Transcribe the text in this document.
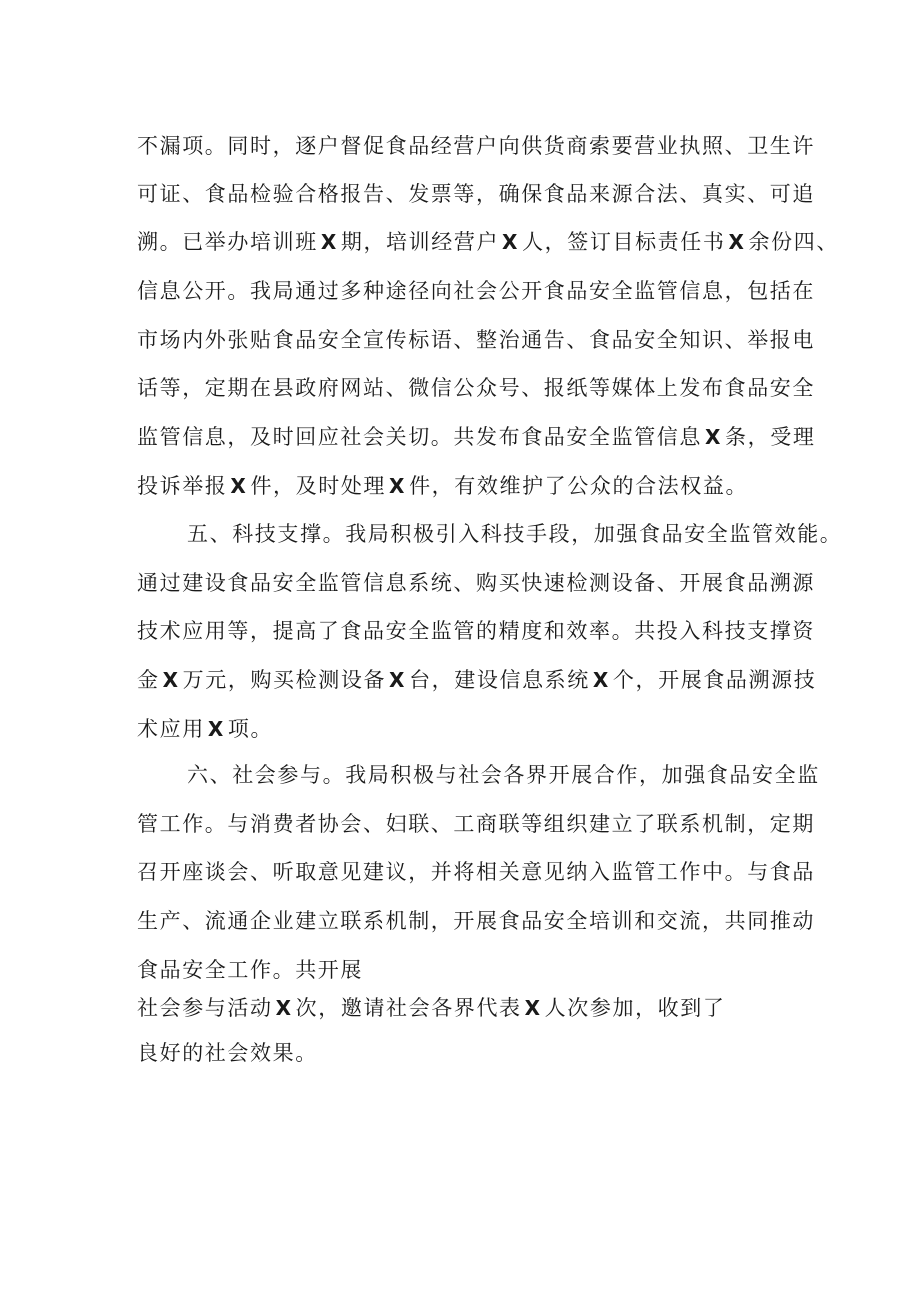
不漏项。同时，逐户督促食品经营户向供货商索要营业执照、卫生许
可证、食品检验合格报告、发票等，确保食品来源合法、真实、可追
溯。已举办培训班 X 期，培训经营户 X 人，签订目标责任书 X 余份四、
信息公开。我局通过多种途径向社会公开食品安全监管信息，包括在
市场内外张贴食品安全宣传标语、整治通告、食品安全知识、举报电
话等，定期在县政府网站、微信公众号、报纸等媒体上发布食品安全
监管信息，及时回应社会关切。共发布食品安全监管信息 X 条，受理
投诉举报 X 件，及时处理 X 件，有效维护了公众的合法权益。
五、科技支撑。我局积极引入科技手段，加强食品安全监管效能。
通过建设食品安全监管信息系统、购买快速检测设备、开展食品溯源
技术应用等，提高了食品安全监管的精度和效率。共投入科技支撑资
金 X 万元，购买检测设备 X 台，建设信息系统 X 个，开展食品溯源技
术应用 X 项。
六、社会参与。我局积极与社会各界开展合作，加强食品安全监
管工作。与消费者协会、妇联、工商联等组织建立了联系机制，定期
召开座谈会、听取意见建议，并将相关意见纳入监管工作中。与食品
生产、流通企业建立联系机制，开展食品安全培训和交流，共同推动
食品安全工作。共开展
社会参与活动 X 次，邀请社会各界代表 X 人次参加，收到了
良好的社会效果。
